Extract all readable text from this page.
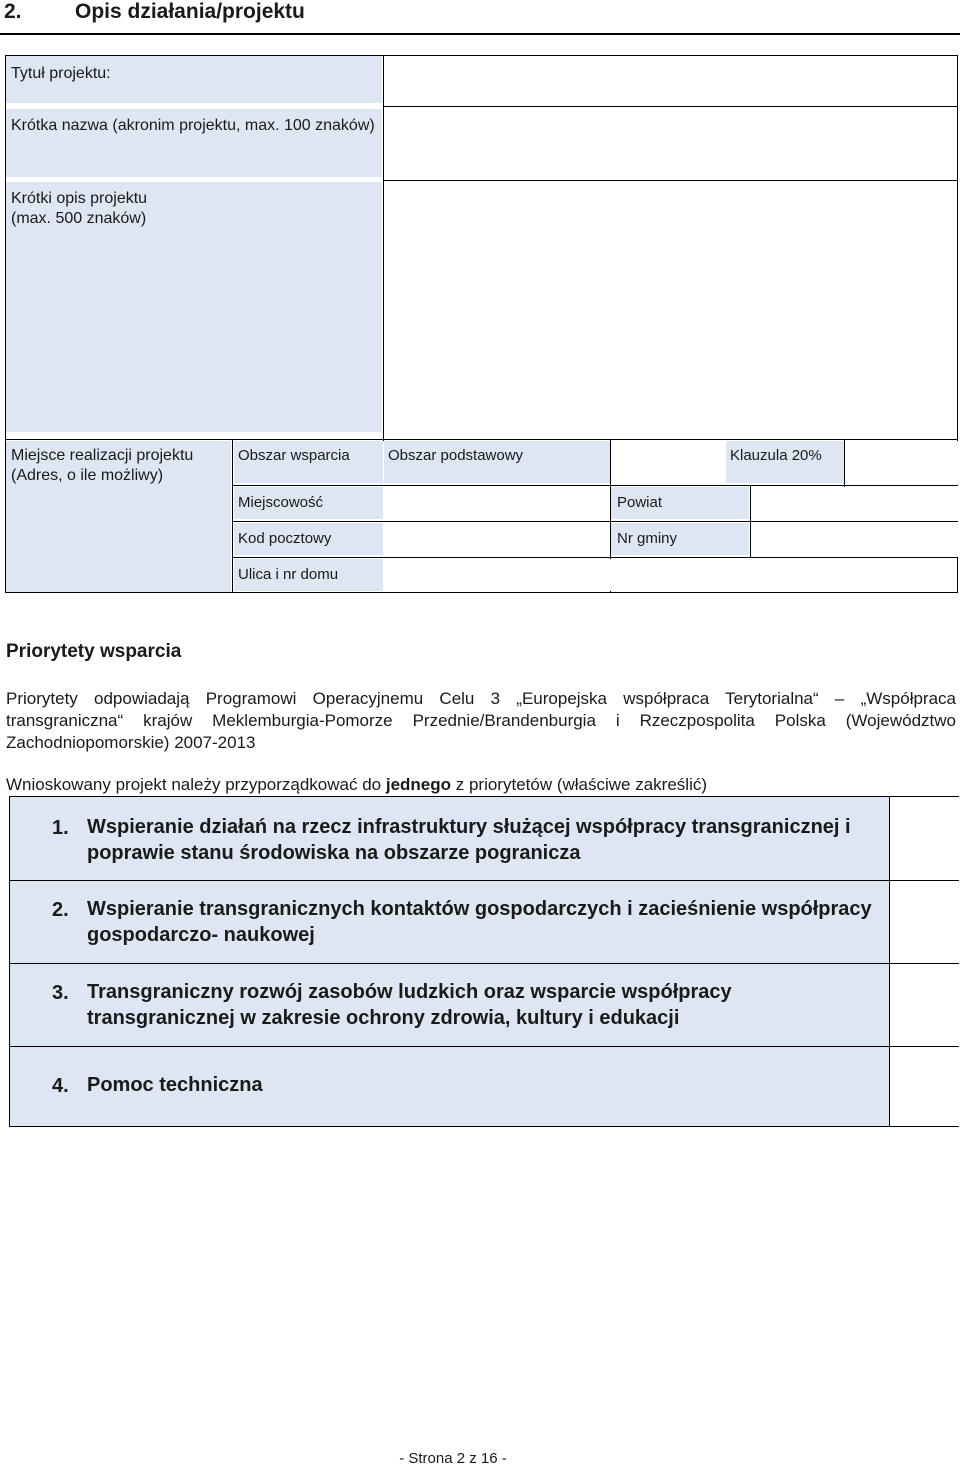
2.	Opis działania/projektu
Tytuł projektu:
Krótka nazwa (akronim projektu, max. 100 znaków)
Krótki opis projektu (max. 500 znaków)
Miejsce realizacji projektu (Adres, o ile możliwy)
Obszar wsparcia	Obszar podstawowy	Klauzula 20%
Miejscowość	Powiat
Kod pocztowy	Nr gminy
Ulica i nr domu
Priorytety wsparcia
Priorytety odpowiadają Programowi Operacyjnemu Celu 3 „Europejska współpraca Terytorialna“ – „Współpraca transgraniczna“ krajów Meklemburgia-Pomorze Przednie/Brandenburgia i Rzeczpospolita Polska (Województwo Zachodniopomorskie) 2007-2013
Wnioskowany projekt należy przyporządkować do jednego z priorytetów (właściwe zakreślić)
1. Wspieranie działań na rzecz infrastruktury służącej współpracy transgranicznej i poprawie stanu środowiska na obszarze pogranicza
2. Wspieranie transgranicznych kontaktów gospodarczych i zacieśnienie współpracy gospodarczo- naukowej
3. Transgraniczny rozwój zasobów ludzkich oraz wsparcie współpracy transgranicznej w zakresie ochrony zdrowia, kultury i edukacji
4. Pomoc techniczna
- Strona 2 z 16 -
